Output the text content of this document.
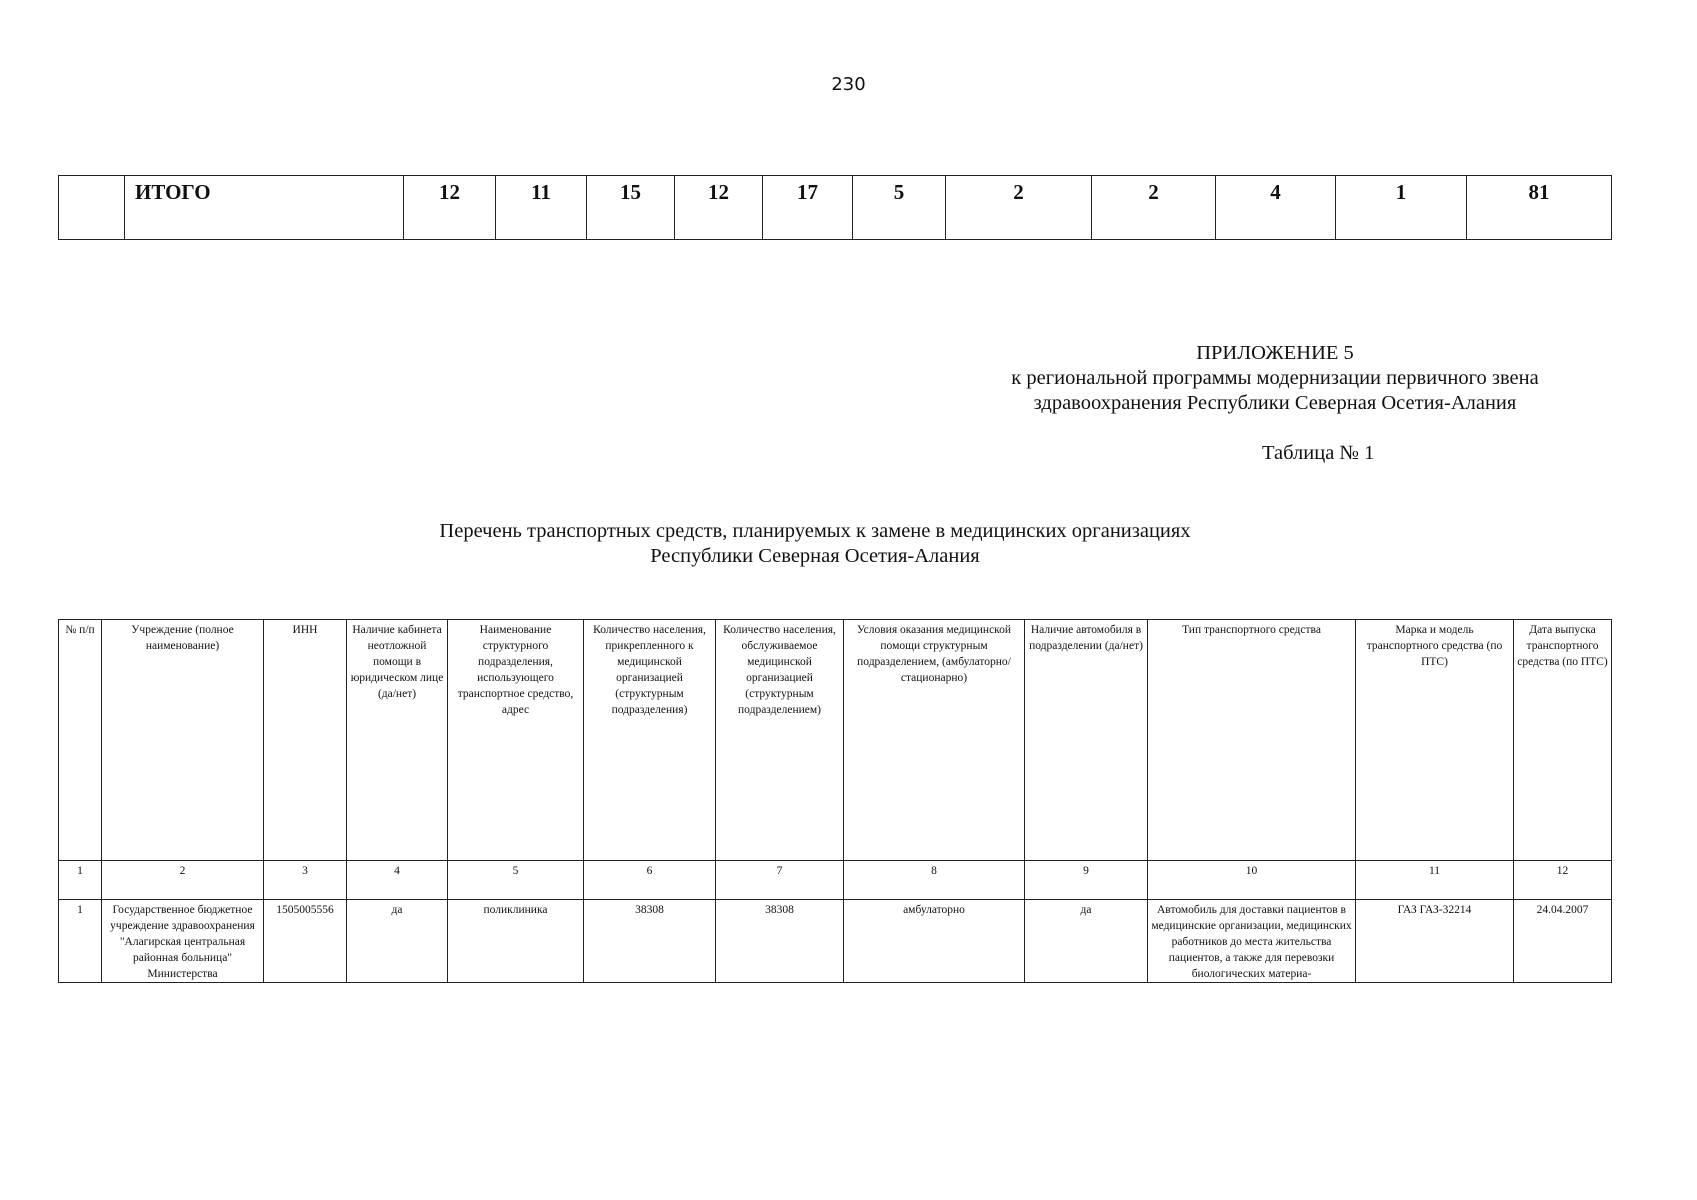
230
	ИТОГО	12	11	15	12	17	5	2	2	4	1	81
ПРИЛОЖЕНИЕ 5
к региональной программы модернизации первичного звена
здравоохранения Республики Северная Осетия-Алания
Таблица № 1
Перечень транспортных средств, планируемых к замене в медицинских организациях
Республики Северная Осетия-Алания
№ п/п	Учреждение (полное наименование)	ИНН	Наличие кабинета неотложной помощи в юридическом лице (да/нет)	Наименование структурного подразделения, использующего транспортное средство, адрес	Количество населения, прикрепленного к медицинской организацией (структурным подразделения)	Количество населения, обслуживаемое медицинской организацией (структурным подразделением)	Условия оказания медицинской помощи структурным подразделением, (амбулаторно/стационарно)	Наличие автомобиля в подразделении (да/нет)	Тип транспортного средства	Марка и модель транспортного средства (по ПТС)	Дата выпуска транспортного средства (по ПТС)
1	2	3	4	5	6	7	8	9	10	11	12

1	Государственное бюджетное учреждение здравоохранения "Алагирская центральная районная больница" Министерства	1505005556	да	поликлиника	38308	38308	амбулаторно	да	Автомобиль для доставки пациентов в медицинские организации, медицинских работников до места жительства пациентов, а также для перевозки биологических материа-	ГАЗ ГАЗ-32214	24.04.2007
